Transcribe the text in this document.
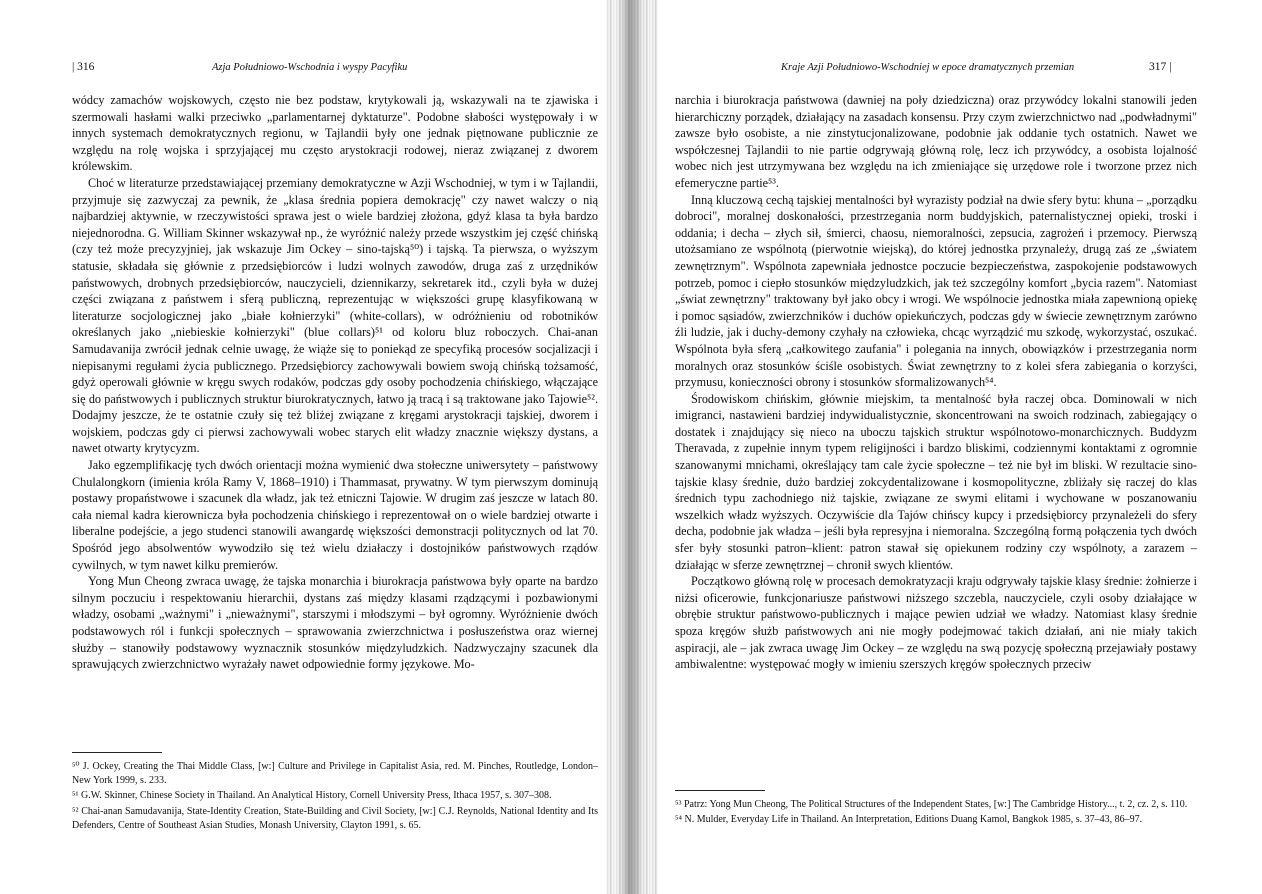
| 316	Azja Południowo-Wschodnia i wyspy Pacyfiku

wódcy zamachów wojskowych, często nie bez podstaw, krytykowali ją, wskazywali na te zjawiska i szermowali hasłami walki przeciwko „parlamentarnej dyktaturze". Podobne słabości występowały i w innych systemach demokratycznych regionu, w Tajlandii były one jednak piętnowane publicznie ze względu na rolę wojska i sprzyjającej mu często arystokracji rodowej, nieraz związanej z dworem królewskim.

Choć w literaturze przedstawiającej przemiany demokratyczne w Azji Wschodniej, w tym i w Tajlandii, przyjmuje się zazwyczaj za pewnik, że „klasa średnia popiera demokrację" czy nawet walczy o nią najbardziej aktywnie, w rzeczywistości sprawa jest o wiele bardziej złożona, gdyż klasa ta była bardzo niejednorodna. G. William Skinner wskazywał np., że wyróżnić należy przede wszystkim jej część chińską (czy też może precyzyjniej, jak wskazuje Jim Ockey – sino-tajską⁵⁰) i tajską. Ta pierwsza, o wyższym statusie, składała się głównie z przedsiębiorców i ludzi wolnych zawodów, druga zaś z urzędników państwowych, drobnych przedsiębiorców, nauczycieli, dziennikarzy, sekretarek itd., czyli była w dużej części związana z państwem i sferą publiczną, reprezentując w większości grupę klasyfikowaną w literaturze socjologicznej jako „białe kołnierzyki" (white-collars), w odróżnieniu od robotników określanych jako „niebieskie kołnierzyki" (blue collars)⁵¹ od koloru bluz roboczych. Chai-anan Samudavanija zwrócił jednak celnie uwagę, że wiąże się to poniekąd ze specyfiką procesów socjalizacji i niepisanymi regułami życia publicznego. Przedsiębiorcy zachowywali bowiem swoją chińską tożsamość, gdyż operowali głównie w kręgu swych rodaków, podczas gdy osoby pochodzenia chińskiego, włączające się do państwowych i publicznych struktur biurokratycznych, łatwo ją tracą i są traktowane jako Tajowie⁵². Dodajmy jeszcze, że te ostatnie czuły się też bliżej związane z kręgami arystokracji tajskiej, dworem i wojskiem, podczas gdy ci pierwsi zachowywali wobec starych elit władzy znacznie większy dystans, a nawet otwarty krytycyzm.

Jako egzemplifikację tych dwóch orientacji można wymienić dwa stołeczne uniwersytety – państwowy Chulalongkorn (imienia króla Ramy V, 1868–1910) i Thammasat, prywatny. W tym pierwszym dominują postawy propaństwowe i szacunek dla władz, jak też etniczni Tajowie. W drugim zaś jeszcze w latach 80. cała niemal kadra kierownicza była pochodzenia chińskiego i reprezentował on o wiele bardziej otwarte i liberalne podejście, a jego studenci stanowili awangardę większości demonstracji politycznych od lat 70. Spośród jego absolwentów wywodziło się też wielu działaczy i dostojników państwowych rządów cywilnych, w tym nawet kilku premierów.

Yong Mun Cheong zwraca uwagę, że tajska monarchia i biurokracja państwowa były oparte na bardzo silnym poczuciu i respektowaniu hierarchii, dystans zaś między klasami rządzącymi i pozbawionymi władzy, osobami „ważnymi" i „nieważnymi", starszymi i młodszymi – był ogromny. Wyróżnienie dwóch podstawowych ról i funkcji społecznych – sprawowania zwierzchnictwa i posłuszeństwa oraz wiernej służby – stanowiły podstawowy wyznacznik stosunków międzyludzkich. Nadzwyczajny szacunek dla sprawujących zwierzchnictwo wyrażały nawet odpowiednie formy językowe. Mo-

⁵⁰ J. Ockey, Creating the Thai Middle Class, [w:] Culture and Privilege in Capitalist Asia, red. M. Pinches, Routledge, London–New York 1999, s. 233.
⁵¹ G.W. Skinner, Chinese Society in Thailand. An Analytical History, Cornell University Press, Ithaca 1957, s. 307–308.
⁵² Chai-anan Samudavanija, State-Identity Creation, State-Building and Civil Society, [w:] C.J. Reynolds, National Identity and Its Defenders, Centre of Southeast Asian Studies, Monash University, Clayton 1991, s. 65.
Kraje Azji Południowo-Wschodniej w epoce dramatycznych przemian	317 |

narchia i biurokracja państwowa (dawniej na poły dziedziczna) oraz przywódcy lokalni stanowili jeden hierarchiczny porządek, działający na zasadach konsensu. Przy czym zwierzchnictwo nad „podwładnymi" zawsze było osobiste, a nie zinstytucjonalizowane, podobnie jak oddanie tych ostatnich. Nawet we współczesnej Tajlandii to nie partie odgrywają główną rolę, lecz ich przywódcy, a osobista lojalność wobec nich jest utrzymywana bez względu na ich zmieniające się urzędowe role i tworzone przez nich efemeryczne partie⁵³.

Inną kluczową cechą tajskiej mentalności był wyrazisty podział na dwie sfery bytu: khuna – „porządku dobroci", moralnej doskonałości, przestrzegania norm buddyjskich, paternalistycznej opieki, troski i oddania; i decha – złych sił, śmierci, chaosu, niemoralności, zepsucia, zagrożeń i przemocy. Pierwszą utożsamiano ze wspólnotą (pierwotnie wiejską), do której jednostka przynależy, drugą zaś ze „światem zewnętrznym". Wspólnota zapewniała jednostce poczucie bezpieczeństwa, zaspokojenie podstawowych potrzeb, pomoc i ciepło stosunków międzyludzkich, jak też szczególny komfort „bycia razem". Natomiast „świat zewnętrzny" traktowany był jako obcy i wrogi. We wspólnocie jednostka miała zapewnioną opiekę i pomoc sąsiadów, zwierzchników i duchów opiekuńczych, podczas gdy w świecie zewnętrznym zarówno źli ludzie, jak i duchy-demony czyhały na człowieka, chcąc wyrządzić mu szkodę, wykorzystać, oszukać. Wspólnota była sferą „całkowitego zaufania" i polegania na innych, obowiązków i przestrzegania norm moralnych oraz stosunków ściśle osobistych. Świat zewnętrzny to z kolei sfera zabiegania o korzyści, przymusu, konieczności obrony i stosunków sformalizowanych⁵⁴.

Środowiskom chińskim, głównie miejskim, ta mentalność była raczej obca. Dominowali w nich imigranci, nastawieni bardziej indywidualistycznie, skoncentrowani na swoich rodzinach, zabiegający o dostatek i znajdujący się nieco na uboczu tajskich struktur wspólnotowo-monarchicznych. Buddyzm Theravada, z zupełnie innym typem religijności i bardzo bliskimi, codziennymi kontaktami z ogromnie szanowanymi mnichami, określający tam cale życie społeczne – też nie był im bliski. W rezultacie sino-tajskie klasy średnie, dużo bardziej zokcydentalizowane i kosmopolityczne, zbliżały się raczej do klas średnich typu zachodniego niż tajskie, związane ze swymi elitami i wychowane w poszanowaniu wszelkich władz wyższych. Oczywiście dla Tajów chińscy kupcy i przedsiębiorcy przynależeli do sfery decha, podobnie jak władza – jeśli była represyjna i niemoralna. Szczególną formą połączenia tych dwóch sfer były stosunki patron–klient: patron stawał się opiekunem rodziny czy wspólnoty, a zarazem – działając w sferze zewnętrznej – chronił swych klientów.

Początkowo główną rolę w procesach demokratyzacji kraju odgrywały tajskie klasy średnie: żołnierze i niżsi oficerowie, funkcjonariusze państwowi niższego szczebla, nauczyciele, czyli osoby działające w obrębie struktur państwowo-publicznych i mające pewien udział we władzy. Natomiast klasy średnie spoza kręgów służb państwowych ani nie mogły podejmować takich działań, ani nie miały takich aspiracji, ale – jak zwraca uwagę Jim Ockey – ze względu na swą pozycję społeczną przejawiały postawy ambiwalentne: występować mogły w imieniu szerszych kręgów społecznych przeciw

⁵³ Patrz: Yong Mun Cheong, The Political Structures of the Independent States, [w:] The Cambridge History..., t. 2, cz. 2, s. 110.
⁵⁴ N. Mulder, Everyday Life in Thailand. An Interpretation, Editions Duang Kamol, Bangkok 1985, s. 37–43, 86–97.
